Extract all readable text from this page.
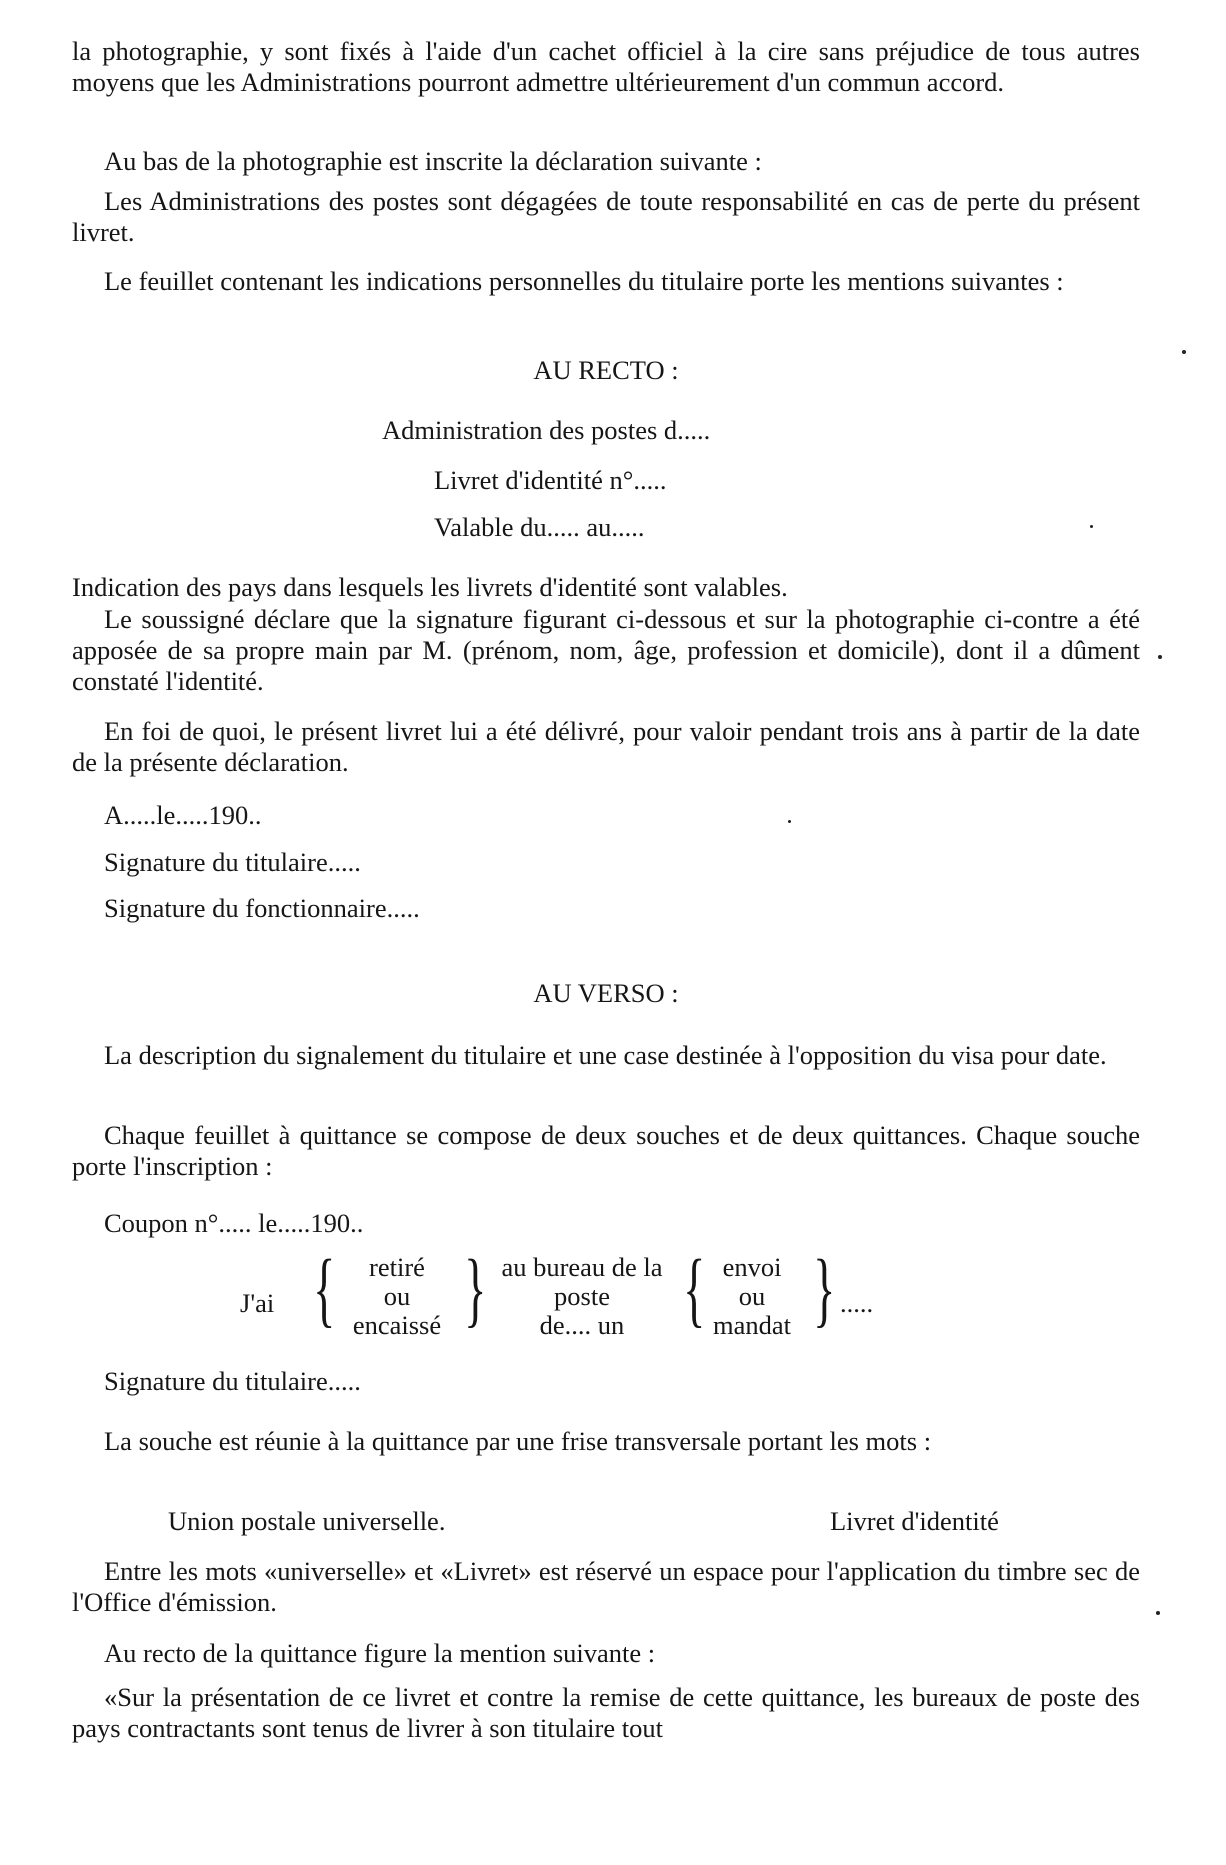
la photographie, y sont fixés à l'aide d'un cachet officiel à la cire sans préjudice de tous autres moyens que les Administrations pourront admettre ultérieurement d'un commun accord.

Au bas de la photographie est inscrite la déclaration suivante :

Les Administrations des postes sont dégagées de toute responsabilité en cas de perte du présent livret.

Le feuillet contenant les indications personnelles du titulaire porte les mentions suivantes :

AU RECTO :
Administration des postes d.....
Livret d'identité n°.....
Valable du..... au.....

Indication des pays dans lesquels les livrets d'identité sont valables.

Le soussigné déclare que la signature figurant ci-dessous et sur la photographie ci-contre a été apposée de sa propre main par M. (prénom, nom, âge, profession et domicile), dont il a dûment constaté l'identité.

En foi de quoi, le présent livret lui a été délivré, pour valoir pendant trois ans à partir de la date de la présente déclaration.

A.....le.....190..
Signature du titulaire.....
Signature du fonctionnaire.....
AU VERSO :

La description du signalement du titulaire et une case destinée à l'opposition du visa pour date.

Chaque feuillet à quittance se compose de deux souches et de deux quittances. Chaque souche porte l'inscription :

Coupon n°..... le.....190..
J'ai {	retiré
ou
encaissé } au bureau de la
poste
de.... un { envoi
ou
mandat } .....
Signature du titulaire.....

La souche est réunie à la quittance par une frise transversale portant les mots :

Union postale universelle.	Livret d'identité

Entre les mots «universelle» et «Livret» est réservé un espace pour l'application du timbre sec de l'Office d'émission.

Au recto de la quittance figure la mention suivante :

«Sur la présentation de ce livret et contre la remise de cette quittance, les bureaux de poste des pays contractants sont tenus de livrer à son titulaire tout
